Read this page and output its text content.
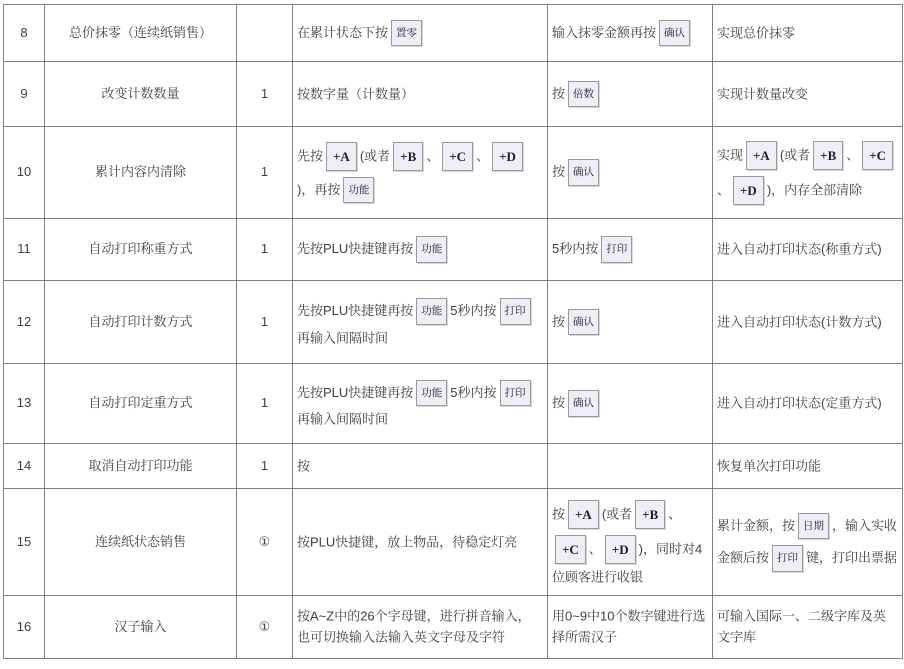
8	总价抹零（连续纸销售）		在累计状态下按 置零	输入抹零金额再按 确认	实现总价抹零
9	改变计数数量	1	按数字量（计数量）	按 倍数	实现计数量改变
10	累计内容内清除	1	先按 +A (或者 +B 、 +C 、 +D)，再按 功能	按 确认	实现 +A (或者 +B 、 +C、 +D )，内存全部清除
11	自动打印称重方式	1	先按PLU快捷键再按 功能	5秒内按 打印	进入自动打印状态(称重方式)
12	自动打印计数方式	1	先按PLU快捷键再按 功能 5秒内按 打印再输入间隔时间	按 确认	进入自动打印状态(计数方式)
13	自动打印定重方式	1	先按PLU快捷键再按 功能 5秒内按 打印再输入间隔时间	按 确认	进入自动打印状态(定重方式)
14	取消自动打印功能	1	按		恢复单次打印功能
15	连续纸状态销售	①	按PLU快捷键，放上物品，待稳定灯亮	按 +A (或者 +B 、+C 、 +D )，同时对4位顾客进行收银	累计金额，按 日期 ，输入实收金额后按 打印 键，打印出票据
16	汉子输入	①	按A~Z中的26个字母键，进行拼音输入，也可切换输入法输入英文字母及字符	用0~9中10个数字键进行选择所需汉子	可输入国际一、二级字库及英文字库
